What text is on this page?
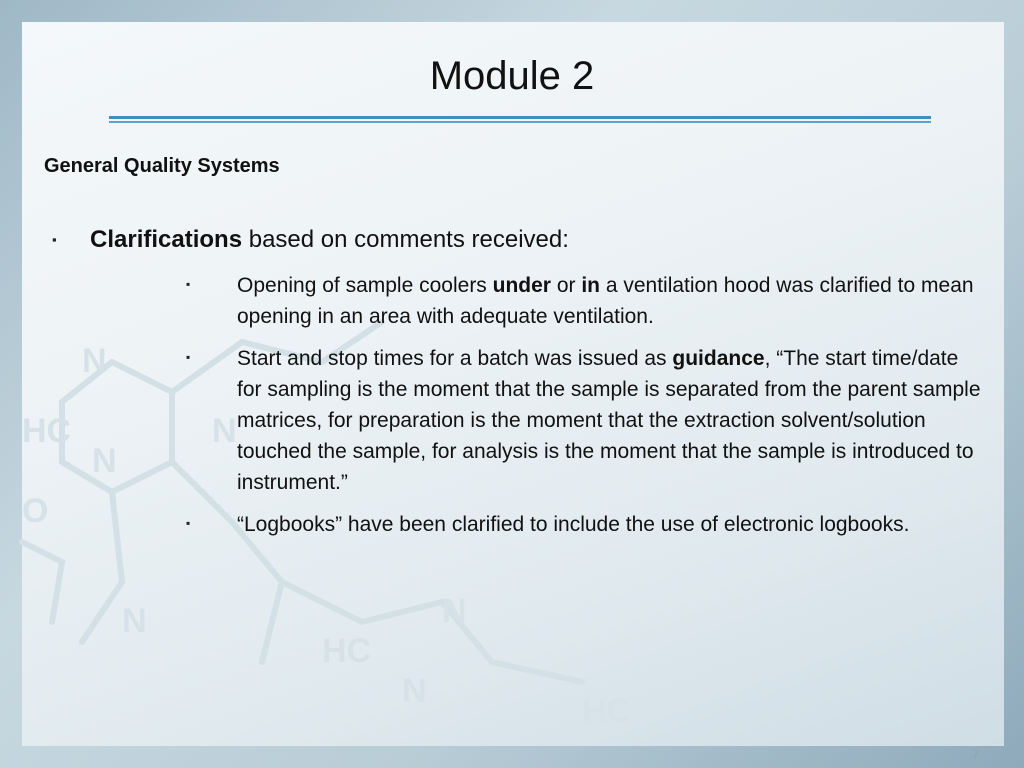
N
HC
N
N
O
N
HC
N
N
HC
7
Module 2
General Quality Systems
▪ Clarifications based on comments received:
▪ Opening of sample coolers under or in a ventilation hood was clarified to mean opening in an area with adequate ventilation.
▪ Start and stop times for a batch was issued as guidance, “The start time/date for sampling is the moment that the sample is separated from the parent sample matrices, for preparation is the moment that the extraction solvent/solution touched the sample, for analysis is the moment that the sample is introduced to instrument.”
▪ “Logbooks” have been clarified to include the use of electronic logbooks.
